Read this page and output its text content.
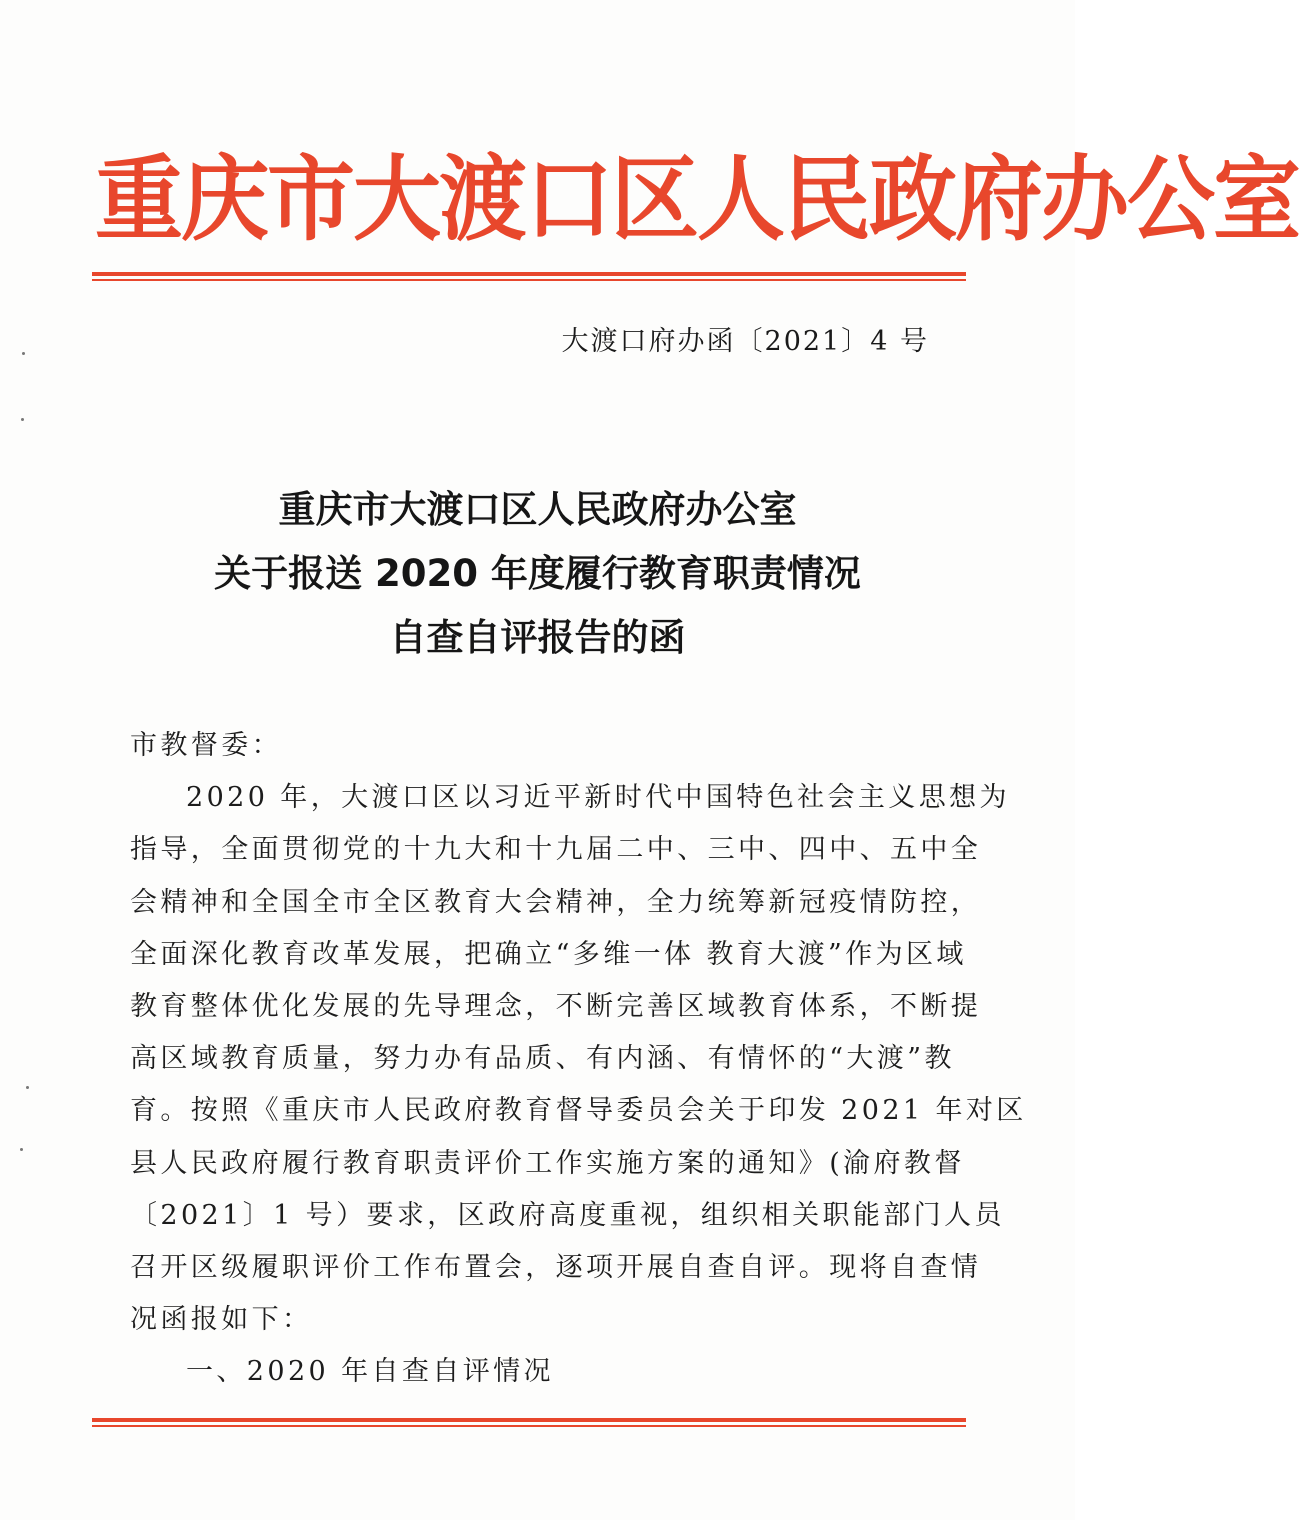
重庆市大渡口区人民政府办公室
大渡口府办函〔2021〕4 号
重庆市大渡口区人民政府办公室
关于报送 2020 年度履行教育职责情况
自查自评报告的函
市教督委：
2020 年，大渡口区以习近平新时代中国特色社会主义思想为
指导，全面贯彻党的十九大和十九届二中、三中、四中、五中全
会精神和全国全市全区教育大会精神，全力统筹新冠疫情防控，
全面深化教育改革发展，把确立“多维一体 教育大渡”作为区域
教育整体优化发展的先导理念，不断完善区域教育体系，不断提
高区域教育质量，努力办有品质、有内涵、有情怀的“大渡”教
育。按照《重庆市人民政府教育督导委员会关于印发 2021 年对区
县人民政府履行教育职责评价工作实施方案的通知》(渝府教督
〔2021〕1 号）要求，区政府高度重视，组织相关职能部门人员
召开区级履职评价工作布置会，逐项开展自查自评。现将自查情
况函报如下：
一、2020 年自查自评情况
